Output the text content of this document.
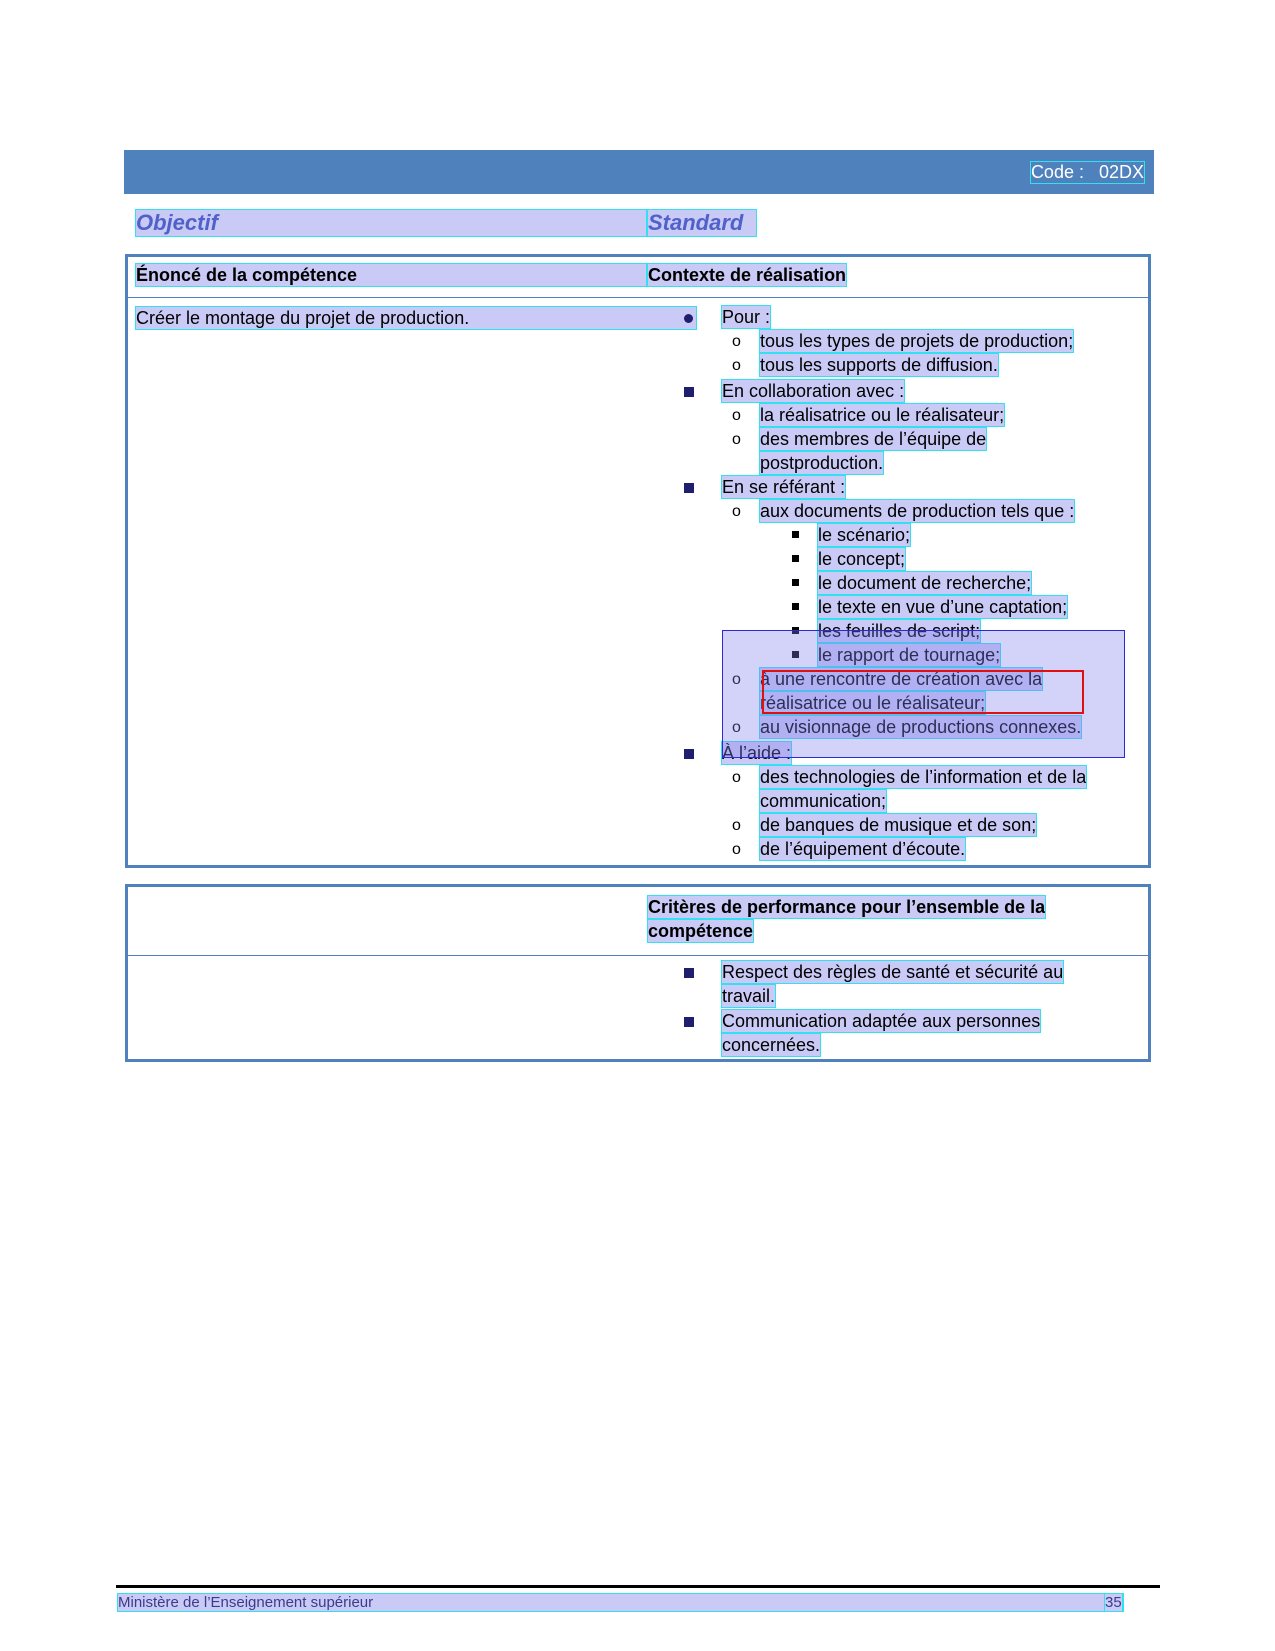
Code :   02DX
Objectif	Standard
Énoncé de la compétence	Contexte de réalisation
Créer le montage du projet de production.	Pour :
o tous les types de projets de production;
o tous les supports de diffusion.
En collaboration avec :
o la réalisatrice ou le réalisateur;
o des membres de l’équipe de
postproduction.
En se référant :
o aux documents de production tels que :
le scénario;
le concept;
le document de recherche;
le texte en vue d’une captation;
les feuilles de script;
le rapport de tournage;
o à une rencontre de création avec la
réalisatrice ou le réalisateur;
o au visionnage de productions connexes.
À l’aide :
o des technologies de l’information et de la
communication;
o de banques de musique et de son;
o de l’équipement d’écoute.
Critères de performance pour l’ensemble de la
compétence
Respect des règles de santé et sécurité au
travail.
Communication adaptée aux personnes
concernées.
Ministère de l’Enseignement supérieur	35
